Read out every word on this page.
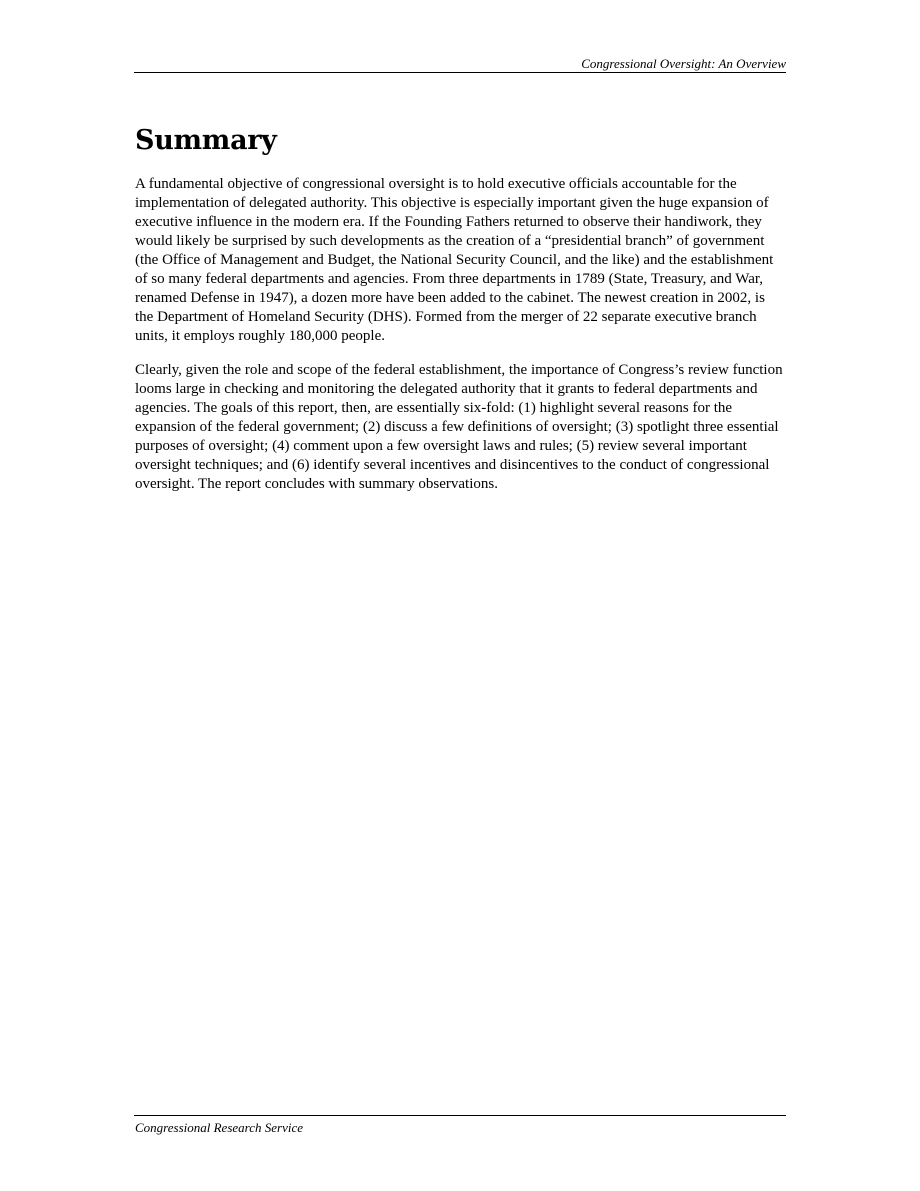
Congressional Oversight: An Overview
Summary

A fundamental objective of congressional oversight is to hold executive officials accountable for the implementation of delegated authority. This objective is especially important given the huge expansion of executive influence in the modern era. If the Founding Fathers returned to observe their handiwork, they would likely be surprised by such developments as the creation of a “presidential branch” of government (the Office of Management and Budget, the National Security Council, and the like) and the establishment of so many federal departments and agencies. From three departments in 1789 (State, Treasury, and War, renamed Defense in 1947), a dozen more have been added to the cabinet. The newest creation in 2002, is the Department of Homeland Security (DHS). Formed from the merger of 22 separate executive branch units, it employs roughly 180,000 people.

Clearly, given the role and scope of the federal establishment, the importance of Congress’s review function looms large in checking and monitoring the delegated authority that it grants to federal departments and agencies. The goals of this report, then, are essentially six-fold: (1) highlight several reasons for the expansion of the federal government; (2) discuss a few definitions of oversight; (3) spotlight three essential purposes of oversight; (4) comment upon a few oversight laws and rules; (5) review several important oversight techniques; and (6) identify several incentives and disincentives to the conduct of congressional oversight. The report concludes with summary observations.

Congressional Research Service
